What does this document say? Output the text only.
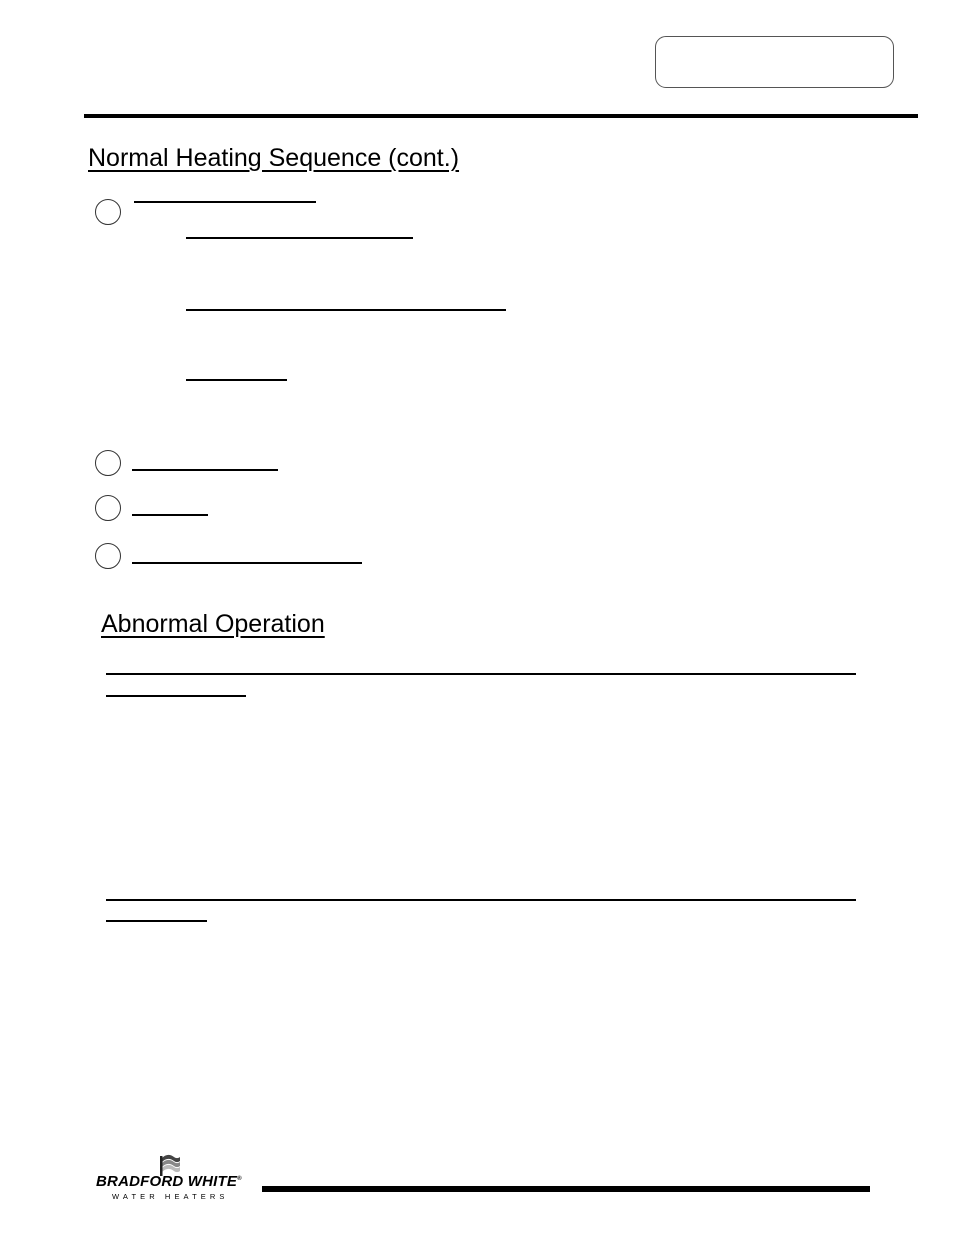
Normal Heating Sequence (cont.)
Abnormal Operation
BRADFORD WHITE®
WATER HEATERS
